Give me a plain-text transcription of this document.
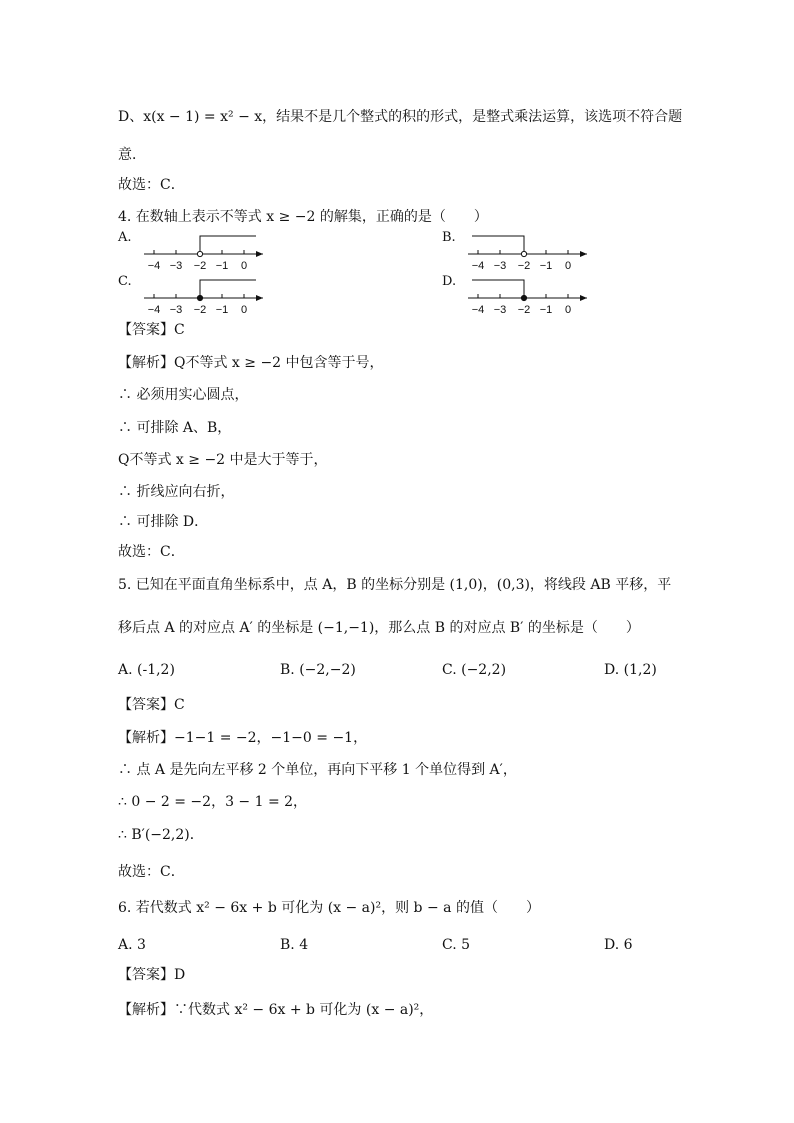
D、x(x − 1) = x² − x，结果不是几个整式的积的形式，是整式乘法运算，该选项不符合题
意．
故选：C．
4. 在数轴上表示不等式 x ≥ −2 的解集，正确的是（　　）
【答案】C
【解析】Q不等式 x ≥ −2 中包含等于号，
∴ 必须用实心圆点，
∴ 可排除 A、B，
Q不等式 x ≥ −2 中是大于等于，
∴ 折线应向右折，
∴ 可排除 D．
故选：C．
5. 已知在平面直角坐标系中，点 A，B 的坐标分别是 (1,0)，(0,3)，将线段 AB 平移，平
移后点 A 的对应点 A′ 的坐标是 (−1,−1)，那么点 B 的对应点 B′ 的坐标是（　　）
【答案】C
【解析】−1−1 = −2，−1−0 = −1，
∴ 点 A 是先向左平移 2 个单位，再向下平移 1 个单位得到 A′，
∴ 0 − 2 = −2，3 − 1 = 2，
∴ B′(−2,2)．
故选：C．
6. 若代数式 x² − 6x + b 可化为 (x − a)²，则 b − a 的值（　　）
【答案】D
【解析】∵代数式 x² − 6x + b 可化为 (x − a)²，
A. (-1,2)	B. (−2,−2)	C. (−2,2)	D. (1,2)
A. 3	B. 4	C. 5	D. 6
A.
−4 −3 −2 −1 0
B.
−4 −3 −2 −1 0
C.
−4 −3 −2 −1 0
D.
−4 −3 −2 −1 0
